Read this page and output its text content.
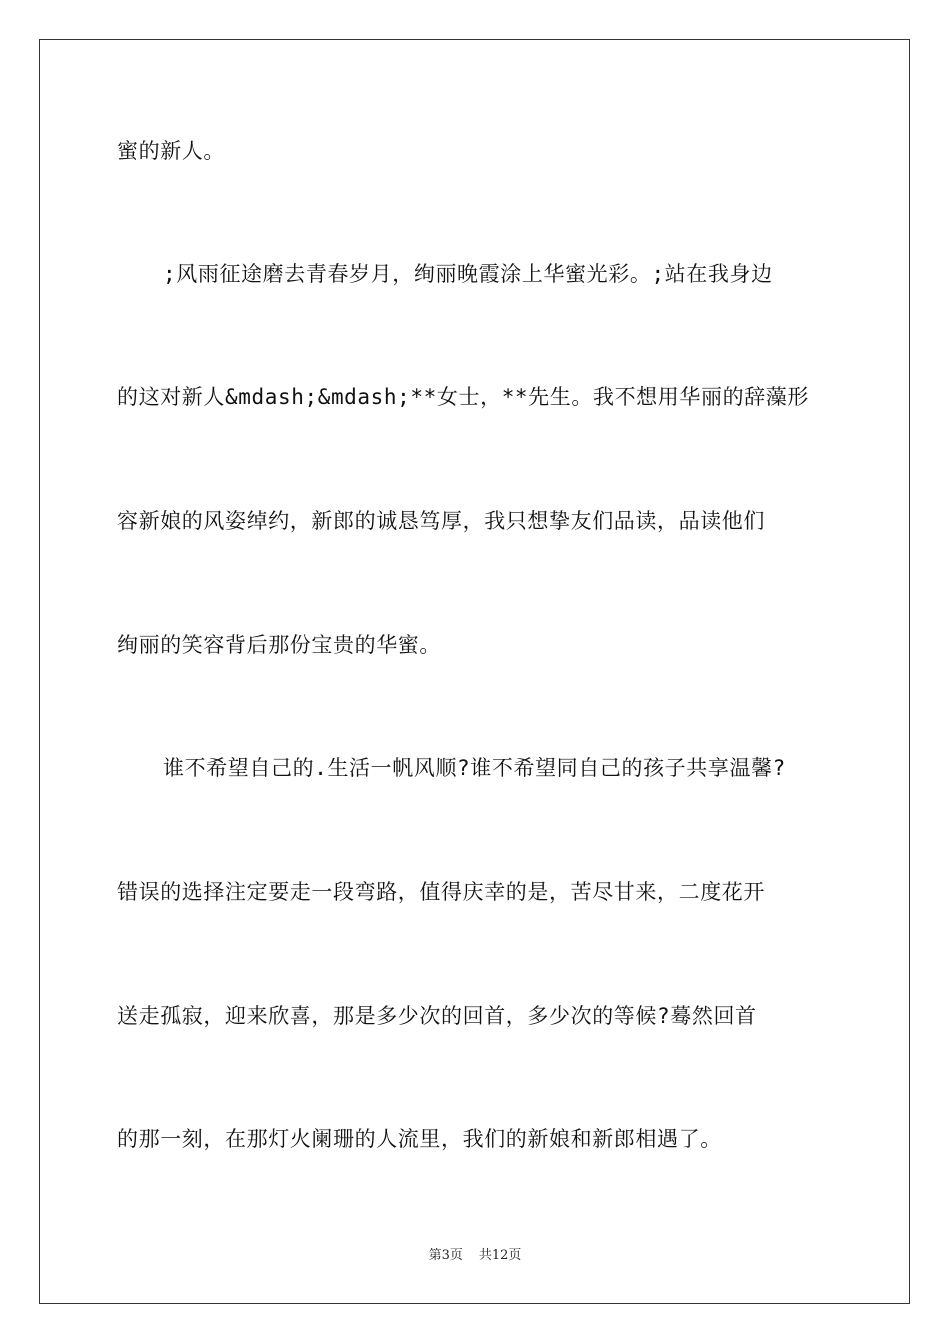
蜜的新人。
;风雨征途磨去青春岁月，绚丽晚霞涂上华蜜光彩。;站在我身边
的这对新人&mdash;&mdash;**女士，**先生。我不想用华丽的辞藻形
容新娘的风姿绰约，新郎的诚恳笃厚，我只想挚友们品读，品读他们
绚丽的笑容背后那份宝贵的华蜜。
谁不希望自己的.生活一帆风顺?谁不希望同自己的孩子共享温馨?
错误的选择注定要走一段弯路，值得庆幸的是，苦尽甘来，二度花开
送走孤寂，迎来欣喜，那是多少次的回首，多少次的等候?蓦然回首
的那一刻，在那灯火阑珊的人流里，我们的新娘和新郎相遇了。
第3页 共12页
